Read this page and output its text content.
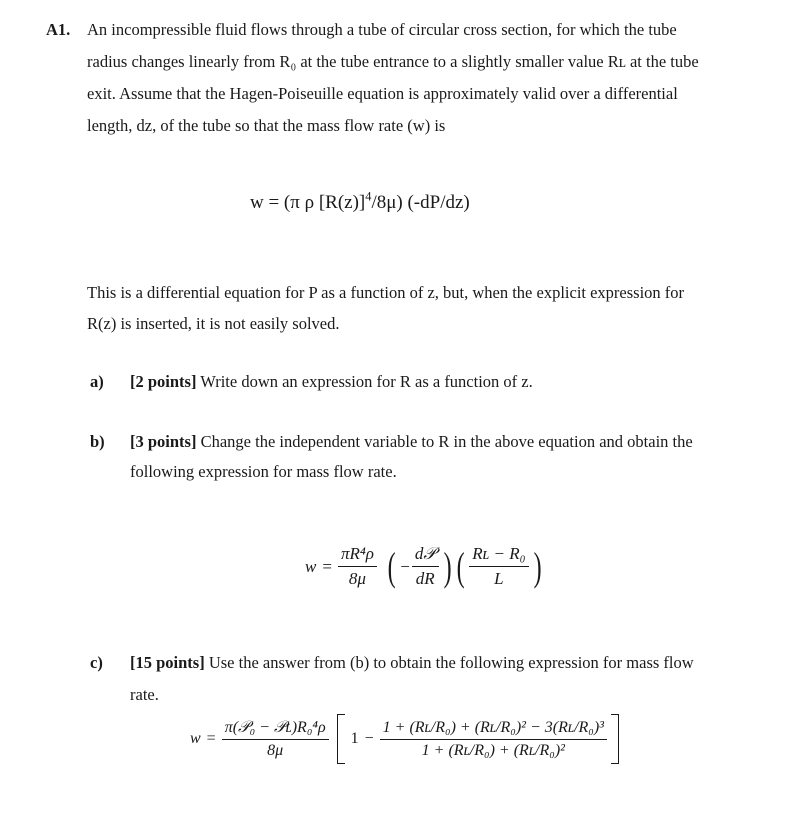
A1. An incompressible fluid flows through a tube of circular cross section, for which the tube
radius changes linearly from R₀ at the tube entrance to a slightly smaller value Rʟ at the tube
exit. Assume that the Hagen-Poiseuille equation is approximately valid over a differential
length, dz, of the tube so that the mass flow rate (w) is
w = (π ρ $[R(z)]^4/8\mu$) (-dP/dz)
This is a differential equation for P as a function of z, but, when the explicit expression for
R(z) is inserted, it is not easily solved.
a) [2 points] Write down an expression for R as a function of z.
b) [3 points] Change the independent variable to R in the above equation and obtain the
following expression for mass flow rate.
$w = \frac{\text{πR⁴ρ}}{8\mu}$ ( − $\frac{\text{d𝒫}}{dR}$ ) ( $\frac{\text{Rʟ − R₀}}{L}$ )
c) [15 points] Use the answer from (b) to obtain the following expression for mass flow
rate.
$w = \frac{\text{π(𝒫₀ − 𝒫ʟ)R₀⁴ρ}}{8\mu} 1 - \frac{\text{1 + (Rʟ/R₀) + (Rʟ/R₀)² − 3(Rʟ/R₀)³}}{\text{1 + (Rʟ/R₀) + (Rʟ/R₀)²}}$
